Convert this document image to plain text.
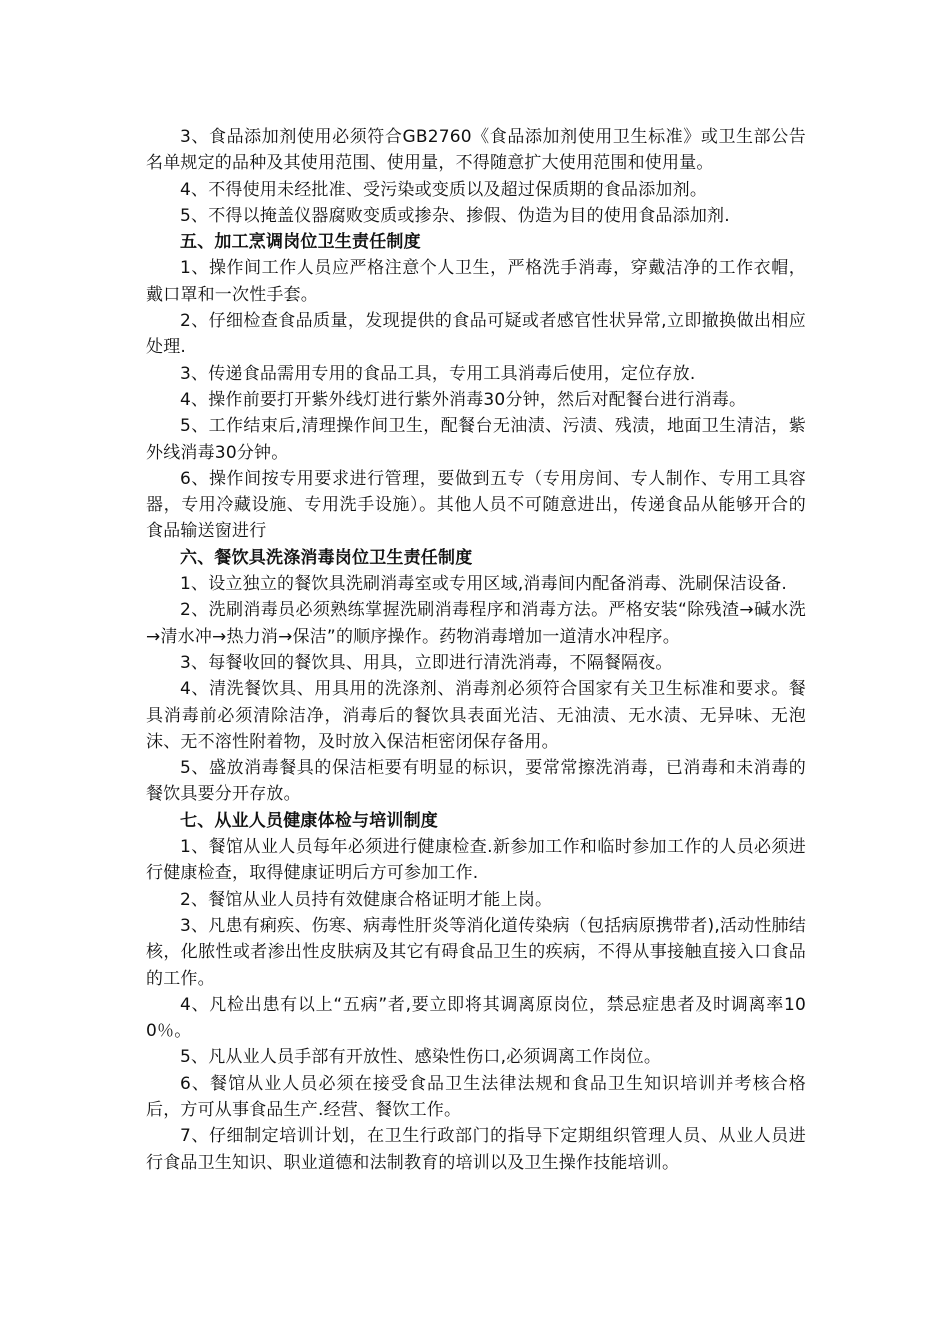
3、食品添加剂使用必须符合GB2760《食品添加剂使用卫生标准》或卫生部公告名单规定的品种及其使用范围、使用量，不得随意扩大使用范围和使用量。

4、不得使用未经批准、受污染或变质以及超过保质期的食品添加剂。

5、不得以掩盖仪器腐败变质或掺杂、掺假、伪造为目的使用食品添加剂.

五、加工烹调岗位卫生责任制度

1、操作间工作人员应严格注意个人卫生，严格洗手消毒，穿戴洁净的工作衣帽，戴口罩和一次性手套。

2、仔细检查食品质量，发现提供的食品可疑或者感官性状异常,立即撤换做出相应处理.

3、传递食品需用专用的食品工具，专用工具消毒后使用，定位存放.

4、操作前要打开紫外线灯进行紫外消毒30分钟，然后对配餐台进行消毒。

5、工作结束后,清理操作间卫生，配餐台无油渍、污渍、残渍，地面卫生清洁，紫外线消毒30分钟。

6、操作间按专用要求进行管理，要做到五专（专用房间、专人制作、专用工具容器，专用冷藏设施、专用洗手设施）。其他人员不可随意进出，传递食品从能够开合的食品输送窗进行

六、餐饮具洗涤消毒岗位卫生责任制度

1、设立独立的餐饮具洗刷消毒室或专用区域,消毒间内配备消毒、洗刷保洁设备.

2、洗刷消毒员必须熟练掌握洗刷消毒程序和消毒方法。严格安装“除残渣→碱水洗→清水冲→热力消→保洁”的顺序操作。药物消毒增加一道清水冲程序。

3、每餐收回的餐饮具、用具，立即进行清洗消毒，不隔餐隔夜。

4、清洗餐饮具、用具用的洗涤剂、消毒剂必须符合国家有关卫生标准和要求。餐具消毒前必须清除洁净，消毒后的餐饮具表面光洁、无油渍、无水渍、无异味、无泡沫、无不溶性附着物，及时放入保洁柜密闭保存备用。

5、盛放消毒餐具的保洁柜要有明显的标识，要常常擦洗消毒，已消毒和未消毒的餐饮具要分开存放。

七、从业人员健康体检与培训制度

1、餐馆从业人员每年必须进行健康检查.新参加工作和临时参加工作的人员必须进行健康检查，取得健康证明后方可参加工作.

2、餐馆从业人员持有效健康合格证明才能上岗。

3、凡患有痢疾、伤寒、病毒性肝炎等消化道传染病（包括病原携带者),活动性肺结核，化脓性或者渗出性皮肤病及其它有碍食品卫生的疾病，不得从事接触直接入口食品的工作。

4、凡检出患有以上“五病”者,要立即将其调离原岗位，禁忌症患者及时调离率100％。

5、凡从业人员手部有开放性、感染性伤口,必须调离工作岗位。

6、餐馆从业人员必须在接受食品卫生法律法规和食品卫生知识培训并考核合格后，方可从事食品生产.经营、餐饮工作。

7、仔细制定培训计划，在卫生行政部门的指导下定期组织管理人员、从业人员进行食品卫生知识、职业道德和法制教育的培训以及卫生操作技能培训。
